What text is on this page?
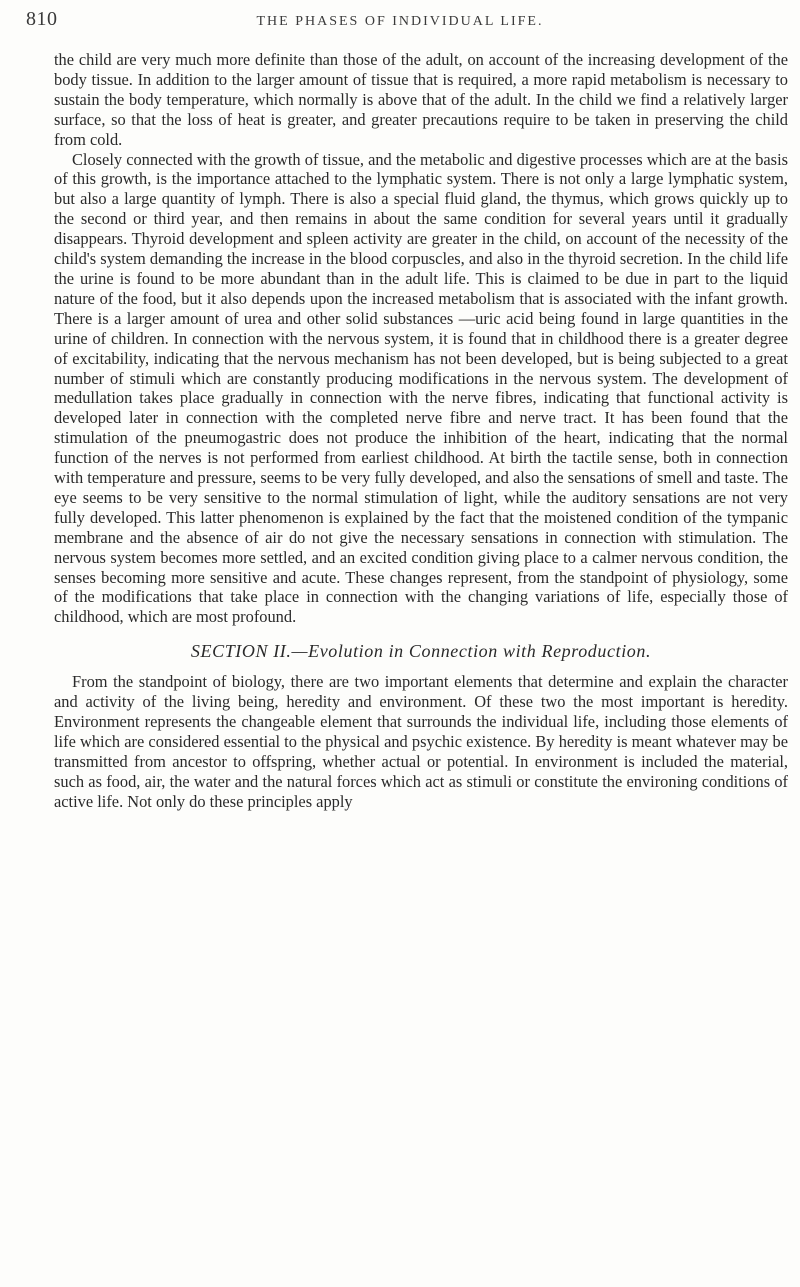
810	THE PHASES OF INDIVIDUAL LIFE.

the child are very much more definite than those of the adult, on account of the increasing development of the body tissue. In addition to the larger amount of tissue that is required, a more rapid metabolism is necessary to sustain the body temperature, which normally is above that of the adult. In the child we find a relatively larger surface, so that the loss of heat is greater, and greater precautions require to be taken in preserving the child from cold.

Closely connected with the growth of tissue, and the metabolic and digestive processes which are at the basis of this growth, is the importance attached to the lymphatic system. There is not only a large lymphatic system, but also a large quantity of lymph. There is also a special fluid gland, the thymus, which grows quickly up to the second or third year, and then remains in about the same condition for several years until it gradually disappears. Thyroid development and spleen activity are greater in the child, on account of the necessity of the child's system demanding the increase in the blood corpuscles, and also in the thyroid secretion. In the child life the urine is found to be more abundant than in the adult life. This is claimed to be due in part to the liquid nature of the food, but it also depends upon the increased metabolism that is associated with the infant growth. There is a larger amount of urea and other solid substances —uric acid being found in large quantities in the urine of children. In connection with the nervous system, it is found that in childhood there is a greater degree of excitability, indicating that the nervous mechanism has not been developed, but is being subjected to a great number of stimuli which are constantly producing modifications in the nervous system. The development of medullation takes place gradually in connection with the nerve fibres, indicating that functional activity is developed later in connection with the completed nerve fibre and nerve tract. It has been found that the stimulation of the pneumogastric does not produce the inhibition of the heart, indicating that the normal function of the nerves is not performed from earliest childhood. At birth the tactile sense, both in connection with temperature and pressure, seems to be very fully developed, and also the sensations of smell and taste. The eye seems to be very sensitive to the normal stimulation of light, while the auditory sensations are not very fully developed. This latter phenomenon is explained by the fact that the moistened condition of the tympanic membrane and the absence of air do not give the necessary sensations in connection with stimulation. The nervous system becomes more settled, and an excited condition giving place to a calmer nervous condition, the senses becoming more sensitive and acute. These changes represent, from the standpoint of physiology, some of the modifications that take place in connection with the changing variations of life, especially those of childhood, which are most profound.

SECTION II.—Evolution in Connection with Reproduction.

From the standpoint of biology, there are two important elements that determine and explain the character and activity of the living being, heredity and environment. Of these two the most important is heredity. Environment represents the changeable element that surrounds the individual life, including those elements of life which are considered essential to the physical and psychic existence. By heredity is meant whatever may be transmitted from ancestor to offspring, whether actual or potential. In environment is included the material, such as food, air, the water and the natural forces which act as stimuli or constitute the environing conditions of active life. Not only do these principles apply
